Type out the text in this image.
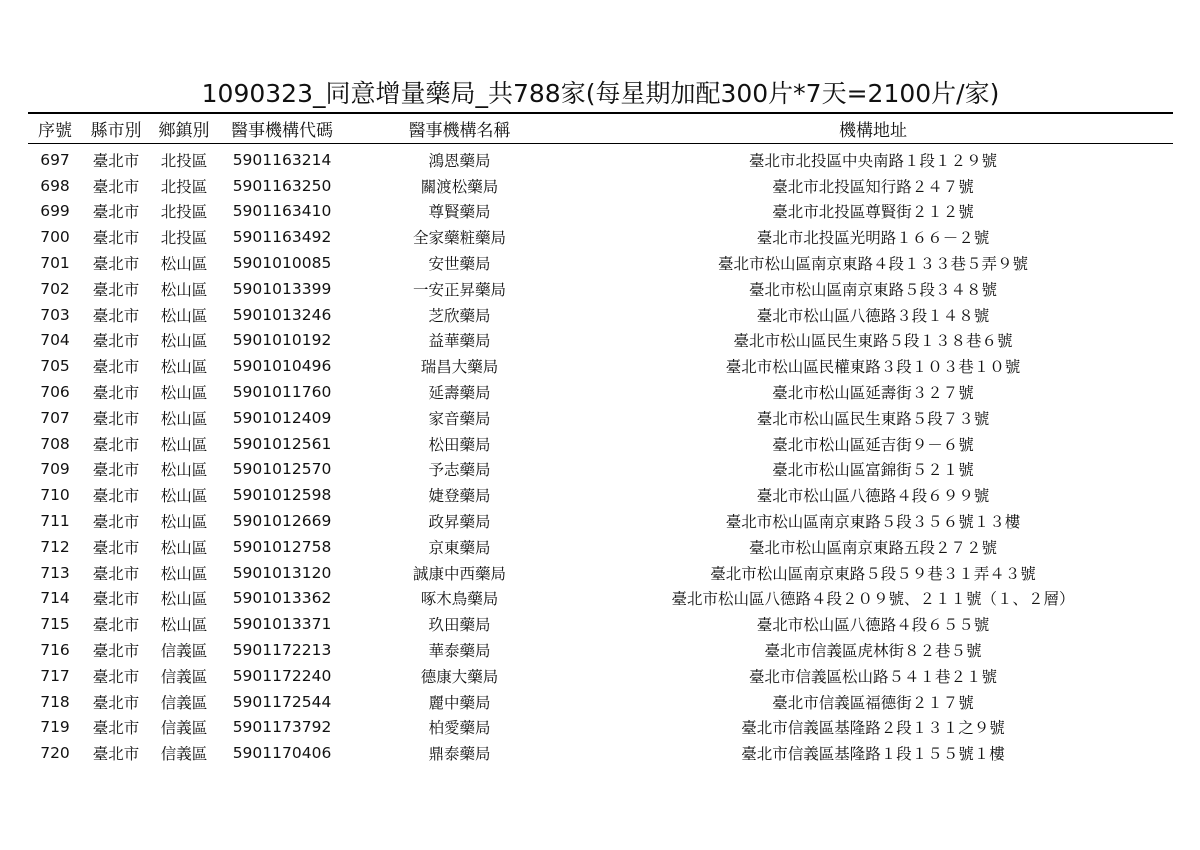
1090323_同意增量藥局_共788家(每星期加配300片*7天=2100片/家)
序號	縣市別	鄉鎮別	醫事機構代碼	醫事機構名稱	機構地址
697	臺北市	北投區	5901163214	鴻恩藥局	臺北市北投區中央南路１段１２９號
698	臺北市	北投區	5901163250	關渡松藥局	臺北市北投區知行路２４７號
699	臺北市	北投區	5901163410	尊賢藥局	臺北市北投區尊賢街２１２號
700	臺北市	北投區	5901163492	全家藥粧藥局	臺北市北投區光明路１６６－２號
701	臺北市	松山區	5901010085	安世藥局	臺北市松山區南京東路４段１３３巷５弄９號
702	臺北市	松山區	5901013399	一安正昇藥局	臺北市松山區南京東路５段３４８號
703	臺北市	松山區	5901013246	芝欣藥局	臺北市松山區八德路３段１４８號
704	臺北市	松山區	5901010192	益華藥局	臺北市松山區民生東路５段１３８巷６號
705	臺北市	松山區	5901010496	瑞昌大藥局	臺北市松山區民權東路３段１０３巷１０號
706	臺北市	松山區	5901011760	延壽藥局	臺北市松山區延壽街３２７號
707	臺北市	松山區	5901012409	家音藥局	臺北市松山區民生東路５段７３號
708	臺北市	松山區	5901012561	松田藥局	臺北市松山區延吉街９－６號
709	臺北市	松山區	5901012570	予志藥局	臺北市松山區富錦街５２１號
710	臺北市	松山區	5901012598	婕登藥局	臺北市松山區八德路４段６９９號
711	臺北市	松山區	5901012669	政昇藥局	臺北市松山區南京東路５段３５６號１３樓
712	臺北市	松山區	5901012758	京東藥局	臺北市松山區南京東路五段２７２號
713	臺北市	松山區	5901013120	誠康中西藥局	臺北市松山區南京東路５段５９巷３１弄４３號
714	臺北市	松山區	5901013362	啄木鳥藥局	臺北市松山區八德路４段２０９號、２１１號（１、２層）
715	臺北市	松山區	5901013371	玖田藥局	臺北市松山區八德路４段６５５號
716	臺北市	信義區	5901172213	華泰藥局	臺北市信義區虎林街８２巷５號
717	臺北市	信義區	5901172240	德康大藥局	臺北市信義區松山路５４１巷２１號
718	臺北市	信義區	5901172544	麗中藥局	臺北市信義區福德街２１７號
719	臺北市	信義區	5901173792	柏愛藥局	臺北市信義區基隆路２段１３１之９號
720	臺北市	信義區	5901170406	鼎泰藥局	臺北市信義區基隆路１段１５５號１樓
